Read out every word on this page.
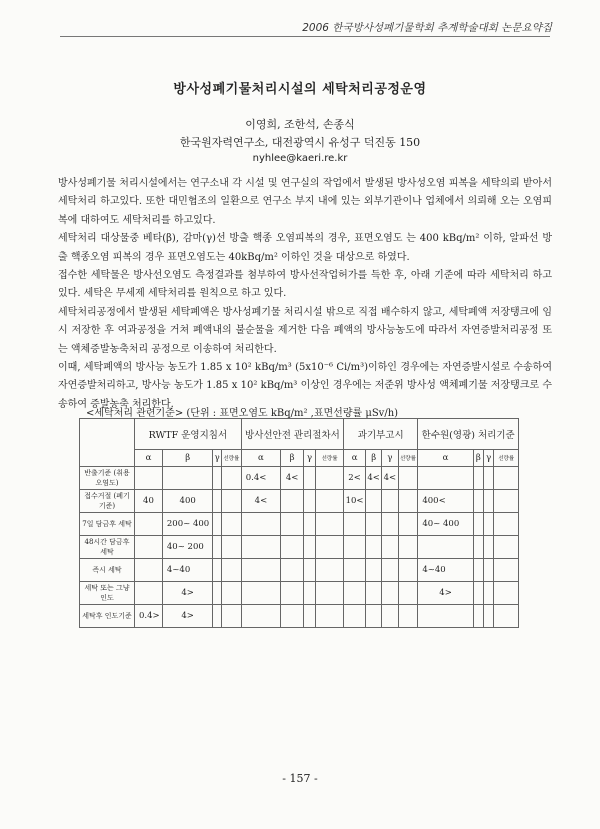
2006 한국방사성폐기물학회 추계학술대회 논문요약집
방사성폐기물처리시설의 세탁처리공정운영
이영희, 조한석, 손종식
한국원자력연구소, 대전광역시 유성구 덕진동 150
nyhlee@kaeri.re.kr

방사성폐기물 처리시설에서는 연구소내 각 시설 및 연구실의 작업에서 발생된 방사성오염 피복을 세탁의뢰 받아서 세탁처리 하고있다. 또한 대민협조의 일환으로 연구소 부지 내에 있는 외부기관이나 업체에서 의뢰해 오는 오염피복에 대하여도 세탁처리를 하고있다.

세탁처리 대상물중 베타(β), 감마(γ)선 방출 핵종 오염피복의 경우, 표면오염도 는 400 kBq/m² 이하, 알파선 방출 핵종오염 피복의 경우 표면오염도는 40kBq/m² 이하인 것을 대상으로 하였다.

접수한 세탁물은 방사선오염도 측정결과를 첨부하여 방사선작업허가를 득한 후, 아래 기준에 따라 세탁처리 하고있다. 세탁은 무세제 세탁처리를 원칙으로 하고 있다.

세탁처리공정에서 발생된 세탁폐액은 방사성폐기물 처리시설 밖으로 직접 배수하지 않고, 세탁폐액 저장탱크에 임시 저장한 후 여과공정을 거쳐 폐액내의 불순물을 제거한 다음 폐액의 방사능농도에 따라서 자연증발처리공정 또는 액체증발농축처리 공정으로 이송하여 처리한다.

이때, 세탁폐액의 방사능 농도가 1.85 x 10² kBq/m³ (5x10⁻⁶ Ci/m³)이하인 경우에는 자연증발시설로 수송하여 자연증발처리하고, 방사능 농도가 1.85 x 10² kBq/m³ 이상인 경우에는 저준위 방사성 액체폐기물 저장탱크로 수송하여 증발농축 처리한다.

<세탁처리 관련기준> (단위 : 표면오염도 kBq/m² ,표면선량률 μSv/h)
	RWTF 운영지침서				방사선안전 관리절차서				과기부고시				한수원(영광) 처리기준			
	α	β	γ	선량률	α	β	γ	선량률	α	β	γ	선량률	α	β	γ	선량률
반출기준 (취용오염도)					0.4<	4<			2<	4<	4<					
접수거절 (폐기기준)	40	400			4<				10<				400<			
7일 담금후 세탁		200~ 400											40~ 400			
48시간 담금후 세탁		40~ 200														
즉시 세탁		4~40											4~40			
세탁 또는 그냥 인도		4>											4>			
세탁후 인도기준	0.4>	4>														
- 157 -
